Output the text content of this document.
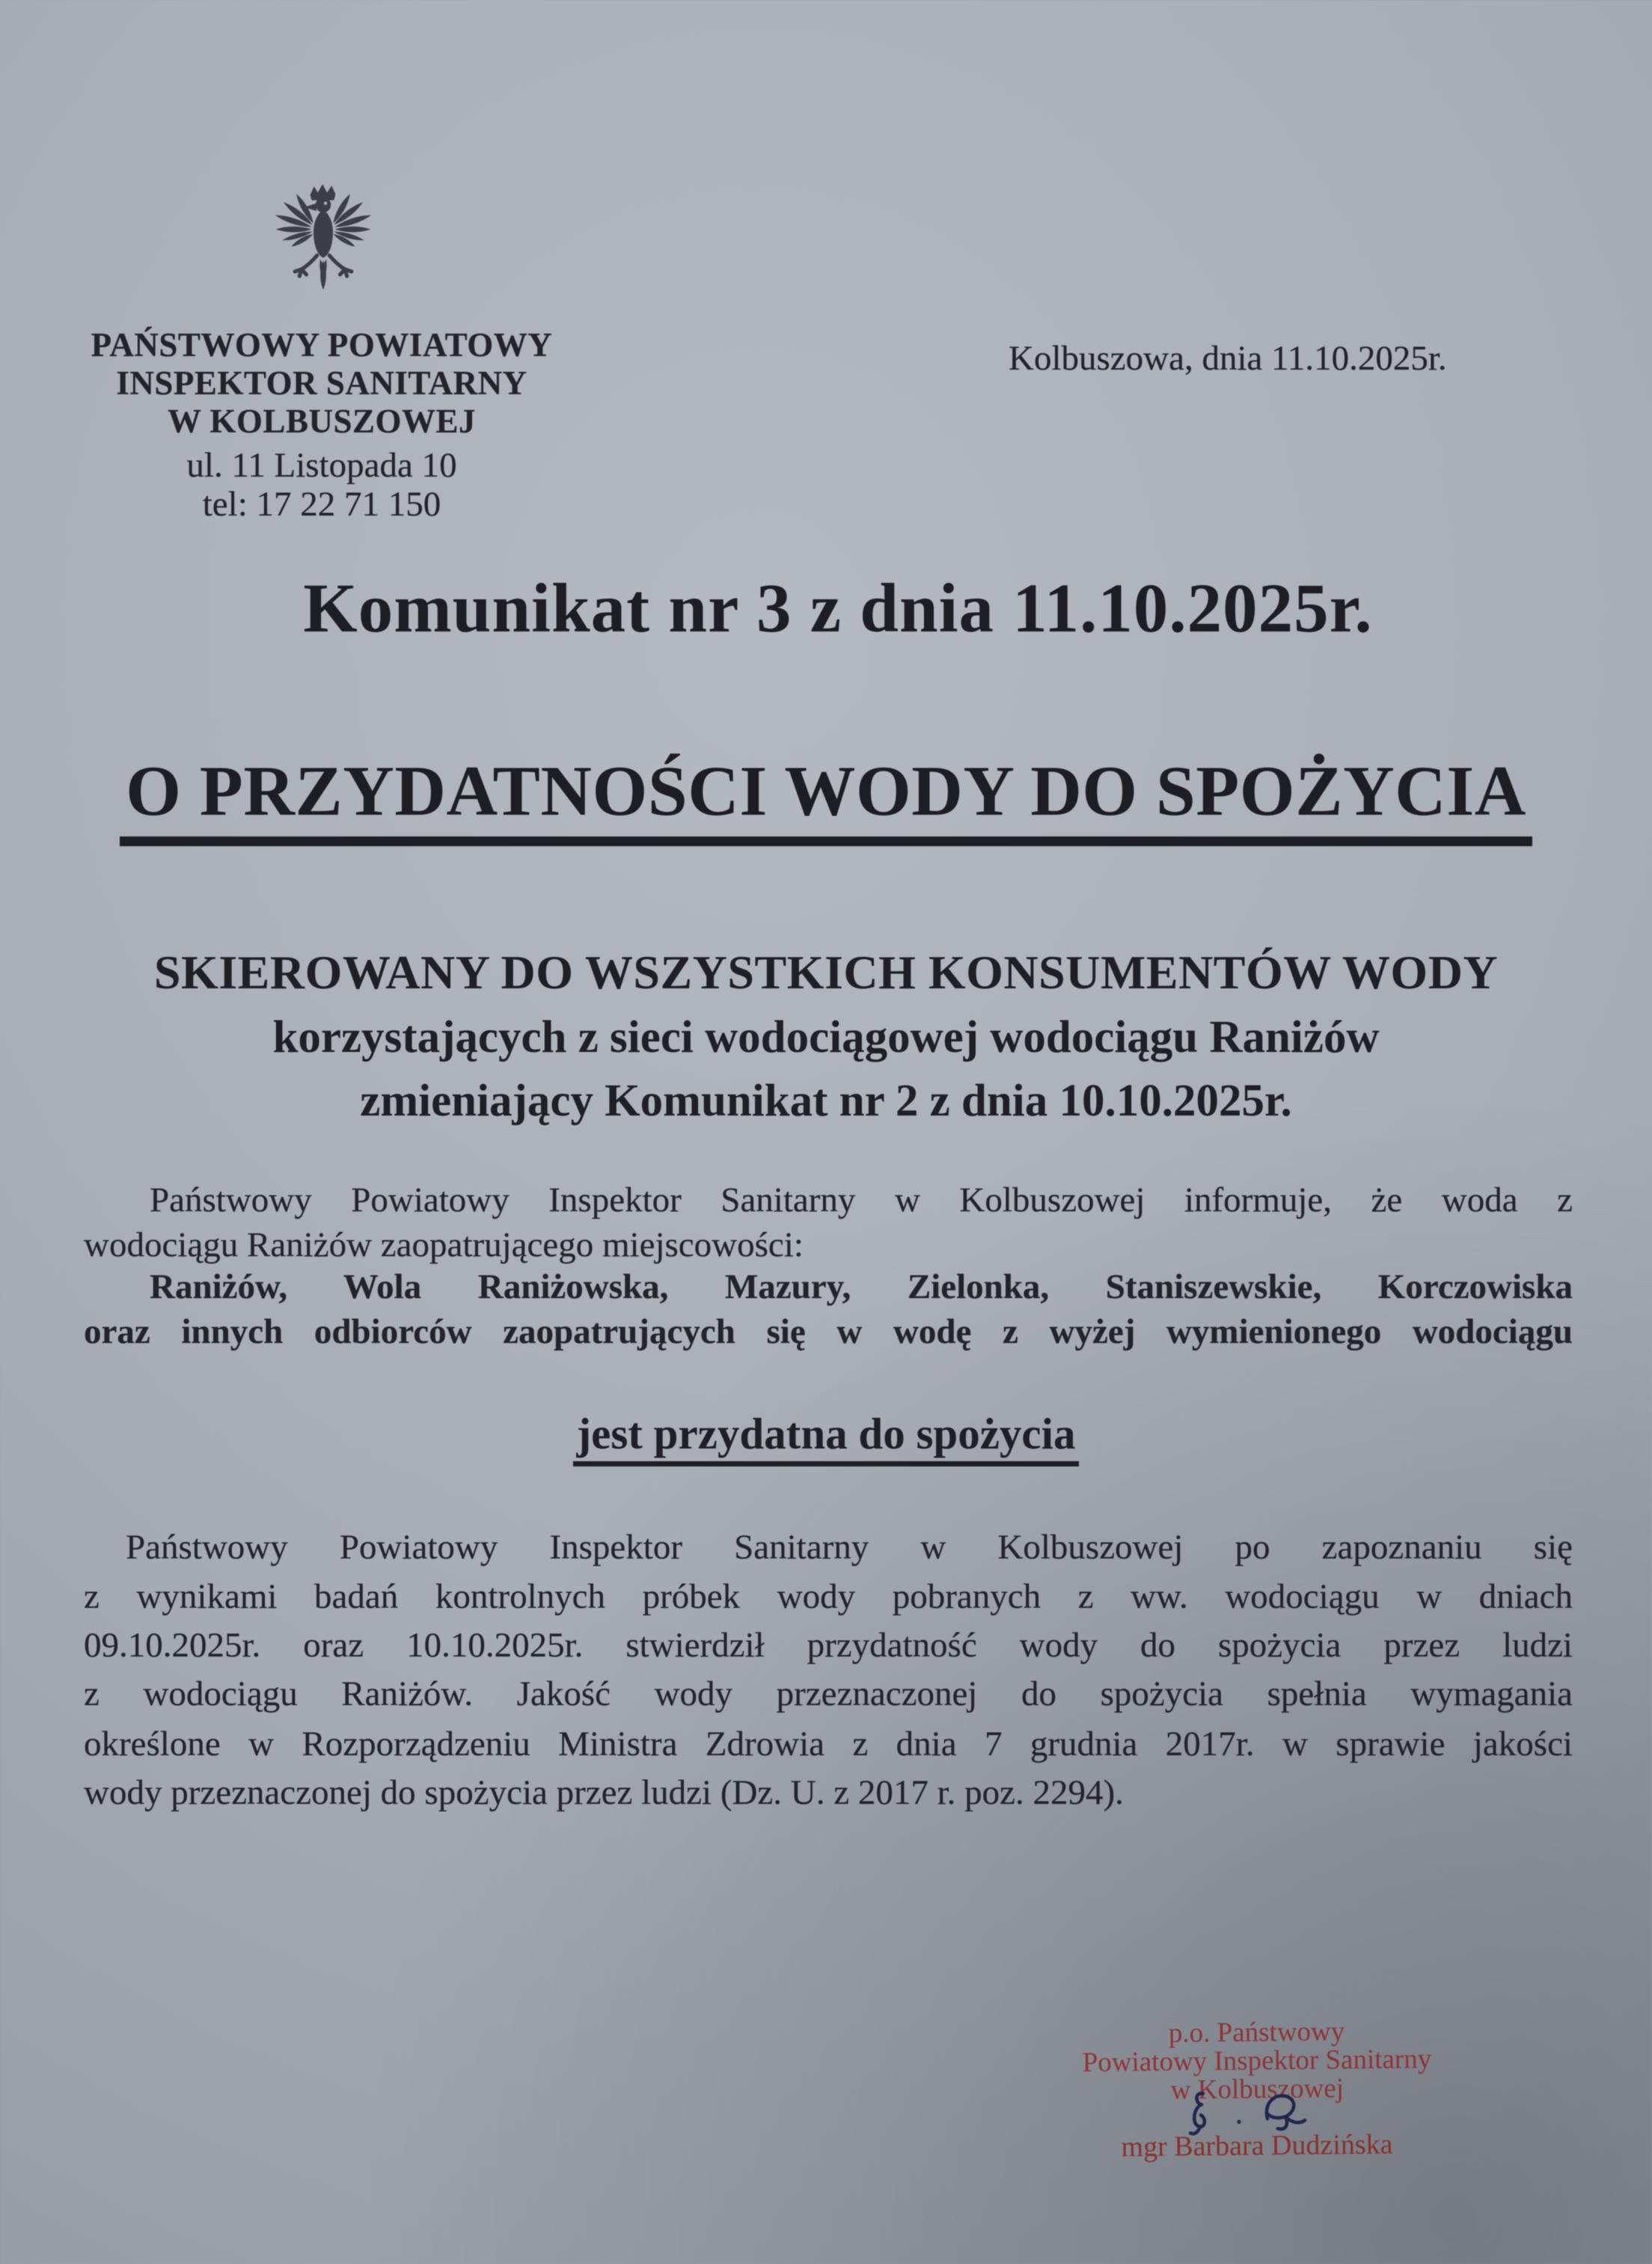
PAŃSTWOWY POWIATOWY
INSPEKTOR SANITARNY
W KOLBUSZOWEJ
ul. 11 Listopada 10
tel: 17 22 71 150
Kolbuszowa, dnia 11.10.2025r.
Komunikat nr 3 z dnia 11.10.2025r.
O PRZYDATNOŚCI WODY DO SPOŻYCIA
SKIEROWANY DO WSZYSTKICH KONSUMENTÓW WODY
korzystających z sieci wodociągowej wodociągu Raniżów
zmieniający Komunikat nr 2 z dnia 10.10.2025r.
Państwowy Powiatowy Inspektor Sanitarny w Kolbuszowej informuje, że woda z
wodociągu Raniżów zaopatrującego miejscowości:
Raniżów, Wola Raniżowska, Mazury, Zielonka, Staniszewskie, Korczowiska
oraz innych odbiorców zaopatrujących się w wodę z wyżej wymienionego wodociągu
jest przydatna do spożycia
Państwowy Powiatowy Inspektor Sanitarny w Kolbuszowej po zapoznaniu się
z wynikami badań kontrolnych próbek wody pobranych z ww. wodociągu w dniach
09.10.2025r. oraz 10.10.2025r. stwierdził przydatność wody do spożycia przez ludzi
z wodociągu Raniżów. Jakość wody przeznaczonej do spożycia spełnia wymagania
określone w Rozporządzeniu Ministra Zdrowia z dnia 7 grudnia 2017r. w sprawie jakości
wody przeznaczonej do spożycia przez ludzi (Dz. U. z 2017 r. poz. 2294).
p.o. Państwowy
Powiatowy Inspektor Sanitarny
w Kolbuszowej
mgr Barbara Dudzińska
